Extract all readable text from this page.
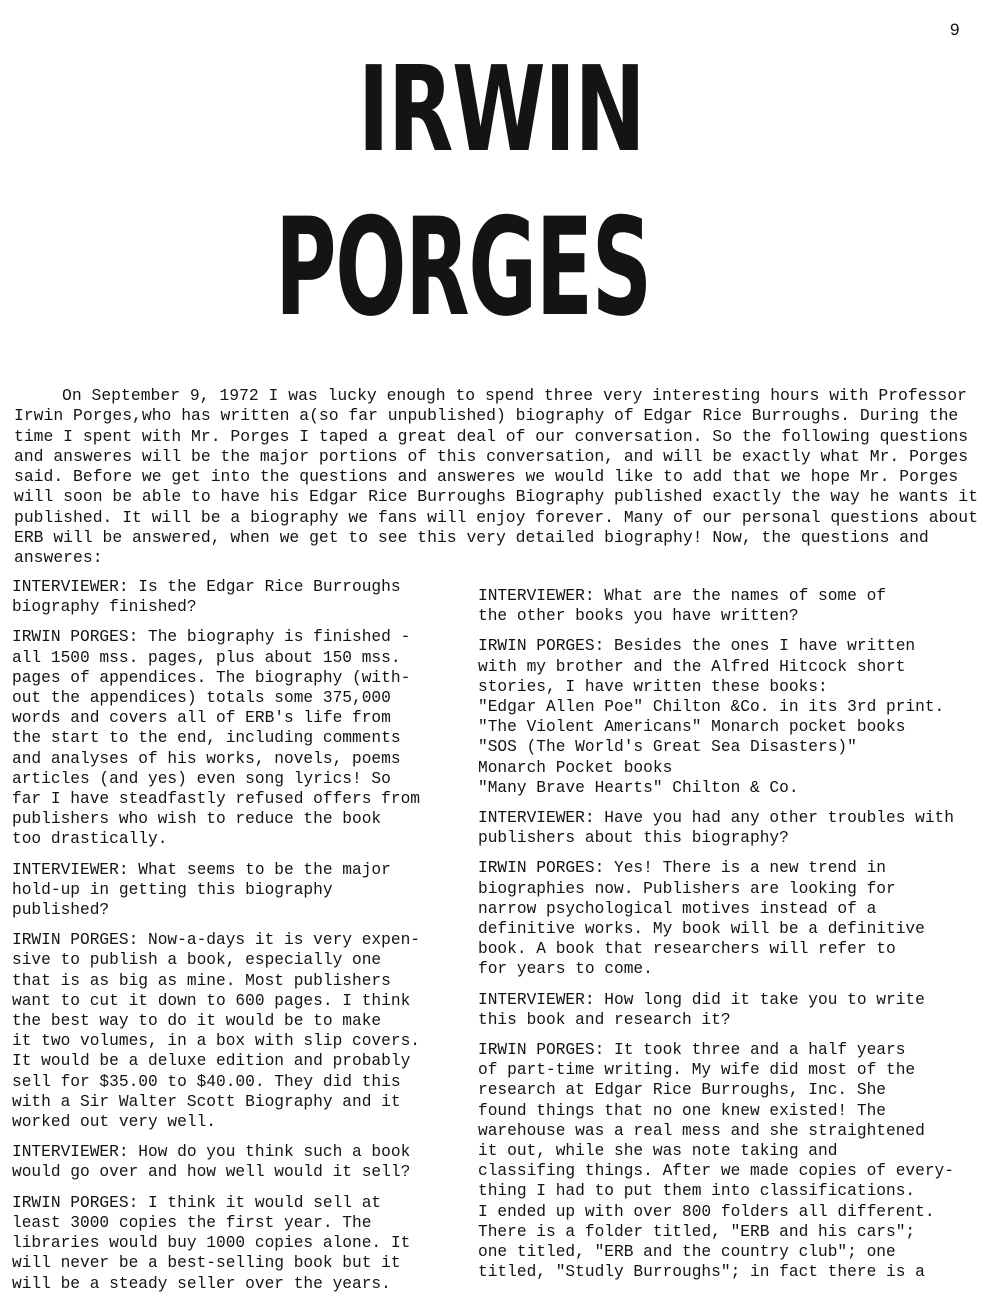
9
IRWIN
PORGES

On September 9, 1972 I was lucky enough to spend three very interesting hours with Professor Irwin Porges,who has written a(so far unpublished) biography of Edgar Rice Burroughs. During the time I spent with Mr. Porges I taped a great deal of our conversation. So the following questions and answeres will be the major portions of this conversation, and will be exactly what Mr. Porges said. Before we get into the questions and answeres we would like to add that we hope Mr. Porges will soon be able to have his Edgar Rice Burroughs Biography published exactly the way he wants it published. It will be a biography we fans will enjoy forever. Many of our personal questions about ERB will be answered, when we get to see this very detailed biography! Now, the questions and answeres:

INTERVIEWER: Is the Edgar Rice Burroughs
biography finished?

IRWIN PORGES: The biography is finished -
all 1500 mss. pages, plus about 150 mss.
pages of appendices. The biography (with-
out the appendices) totals some 375,000
words and covers all of ERB's life from
the start to the end, including comments
and analyses of his works, novels, poems
articles (and yes) even song lyrics! So
far I have steadfastly refused offers from
publishers who wish to reduce the book
too drastically.

INTERVIEWER: What seems to be the major
hold-up in getting this biography
published?

IRWIN PORGES: Now-a-days it is very expen-
sive to publish a book, especially one
that is as big as mine. Most publishers
want to cut it down to 600 pages. I think
the best way to do it would be to make
it two volumes, in a box with slip covers.
It would be a deluxe edition and probably
sell for $35.00 to $40.00. They did this
with a Sir Walter Scott Biography and it
worked out very well.

INTERVIEWER: How do you think such a book
would go over and how well would it sell?

IRWIN PORGES: I think it would sell at
least 3000 copies the first year. The
libraries would buy 1000 copies alone. It
will never be a best-selling book but it
will be a steady seller over the years.

INTERVIEWER: What are the names of some of
the other books you have written?

IRWIN PORGES: Besides the ones I have written
with my brother and the Alfred Hitcock short
stories, I have written these books:
"Edgar Allen Poe" Chilton &Co. in its 3rd print.
"The Violent Americans" Monarch pocket books
"SOS (The World's Great Sea Disasters)"
Monarch Pocket books
"Many Brave Hearts" Chilton & Co.

INTERVIEWER: Have you had any other troubles with
publishers about this biography?

IRWIN PORGES: Yes! There is a new trend in
biographies now. Publishers are looking for
narrow psychological motives instead of a
definitive works. My book will be a definitive
book. A book that researchers will refer to
for years to come.

INTERVIEWER: How long did it take you to write
this book and research it?

IRWIN PORGES: It took three and a half years
of part-time writing. My wife did most of the
research at Edgar Rice Burroughs, Inc. She
found things that no one knew existed! The
warehouse was a real mess and she straightened
it out, while she was note taking and
classifing things. After we made copies of every-
thing I had to put them into classifications.
I ended up with over 800 folders all different.
There is a folder titled, "ERB and his cars";
one titled, "ERB and the country club"; one
titled, "Studly Burroughs"; in fact there is a
